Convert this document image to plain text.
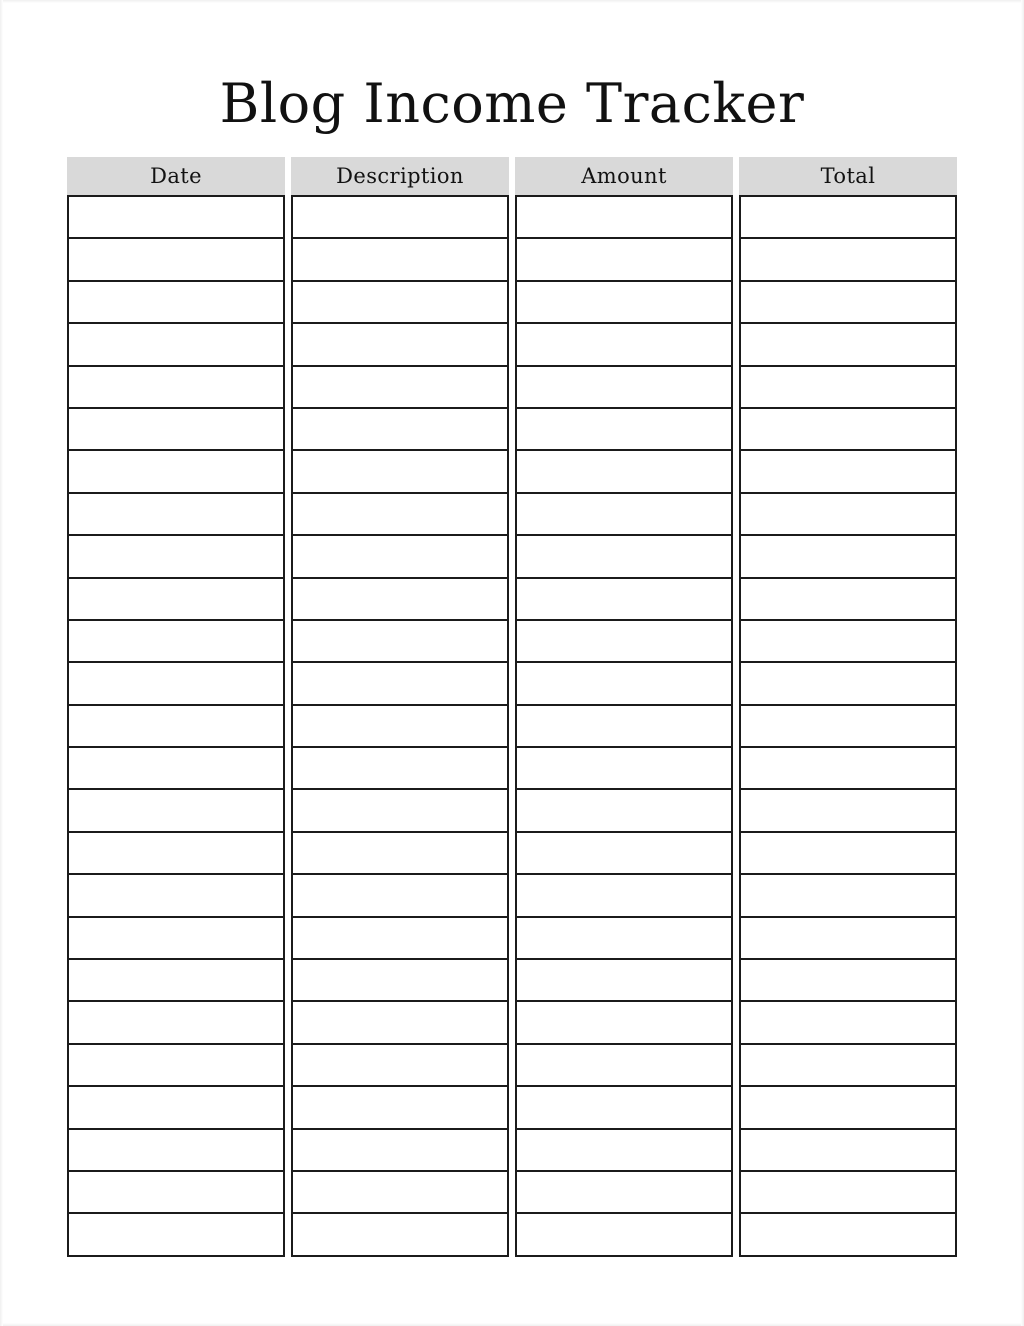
Blog Income Tracker
Date	Description	Amount	Total
